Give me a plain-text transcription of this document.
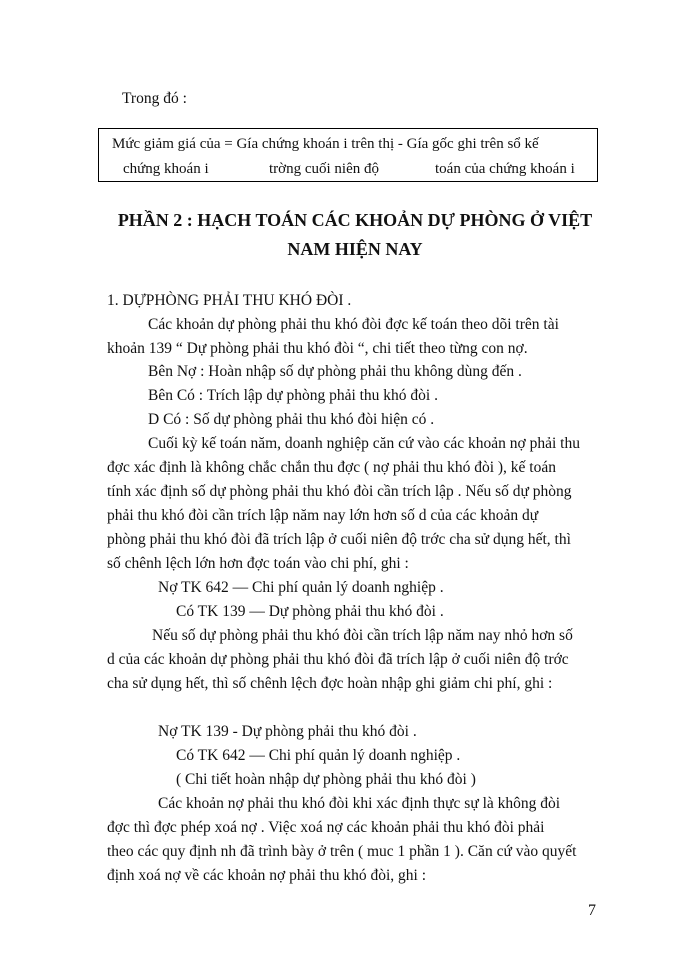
Trong đó :
Mức giảm giá của = Gía chứng khoán i trên thị - Gía gốc ghi trên sổ kế
chứng khoán i	trờng cuối niên độ	toán của chứng khoán i
PHẦN 2 : HẠCH TOÁN CÁC KHOẢN DỰ PHÒNG Ở VIỆT
NAM HIỆN NAY
1. DỰPHÒNG PHẢI THU KHÓ ĐÒI .
Các khoản dự phòng phải thu khó đòi đợc kế toán theo dõi trên tài
khoản 139 “ Dự phòng phải thu khó đòi “, chi tiết theo từng con nợ.
Bên Nợ : Hoàn nhập số dự phòng phải thu không dùng đến .
Bên Có : Trích lập dự phòng phải thu khó đòi .
D Có : Số dự phòng phải thu khó đòi hiện có .
Cuối kỳ kế toán năm, doanh nghiệp căn cứ vào các khoản nợ phải thu
đợc xác định là không chắc chắn thu đợc ( nợ phải thu khó đòi ), kế toán
tính xác định số dự phòng phải thu khó đòi cần trích lập . Nếu số dự phòng
phải thu khó đòi cần trích lập năm nay lớn hơn số d của các khoản dự
phòng phải thu khó đòi đã trích lập ở cuối niên độ trớc cha sử dụng hết, thì
số chênh lệch lớn hơn đợc toán vào chi phí, ghi :
Nợ TK 642 — Chi phí quản lý doanh nghiệp .
Có TK 139 — Dự phòng phải thu khó đòi .
Nếu số dự phòng phải thu khó đòi cần trích lập năm nay nhỏ hơn số
d của các khoản dự phòng phải thu khó đòi đã trích lập ở cuối niên độ trớc
cha sử dụng hết, thì số chênh lệch đợc hoàn nhập ghi giảm chi phí, ghi :
Nợ TK 139 - Dự phòng phải thu khó đòi .
Có TK 642 — Chi phí quản lý doanh nghiệp .
( Chi tiết hoàn nhập dự phòng phải thu khó đòi )
Các khoản nợ phải thu khó đòi khi xác định thực sự là không đòi
đợc thì đợc phép xoá nợ . Việc xoá nợ các khoản phải thu khó đòi phải
theo các quy định nh đã trình bày ở trên ( muc 1 phần 1 ). Căn cứ vào quyết
định xoá nợ về các khoản nợ phải thu khó đòi, ghi :
7
